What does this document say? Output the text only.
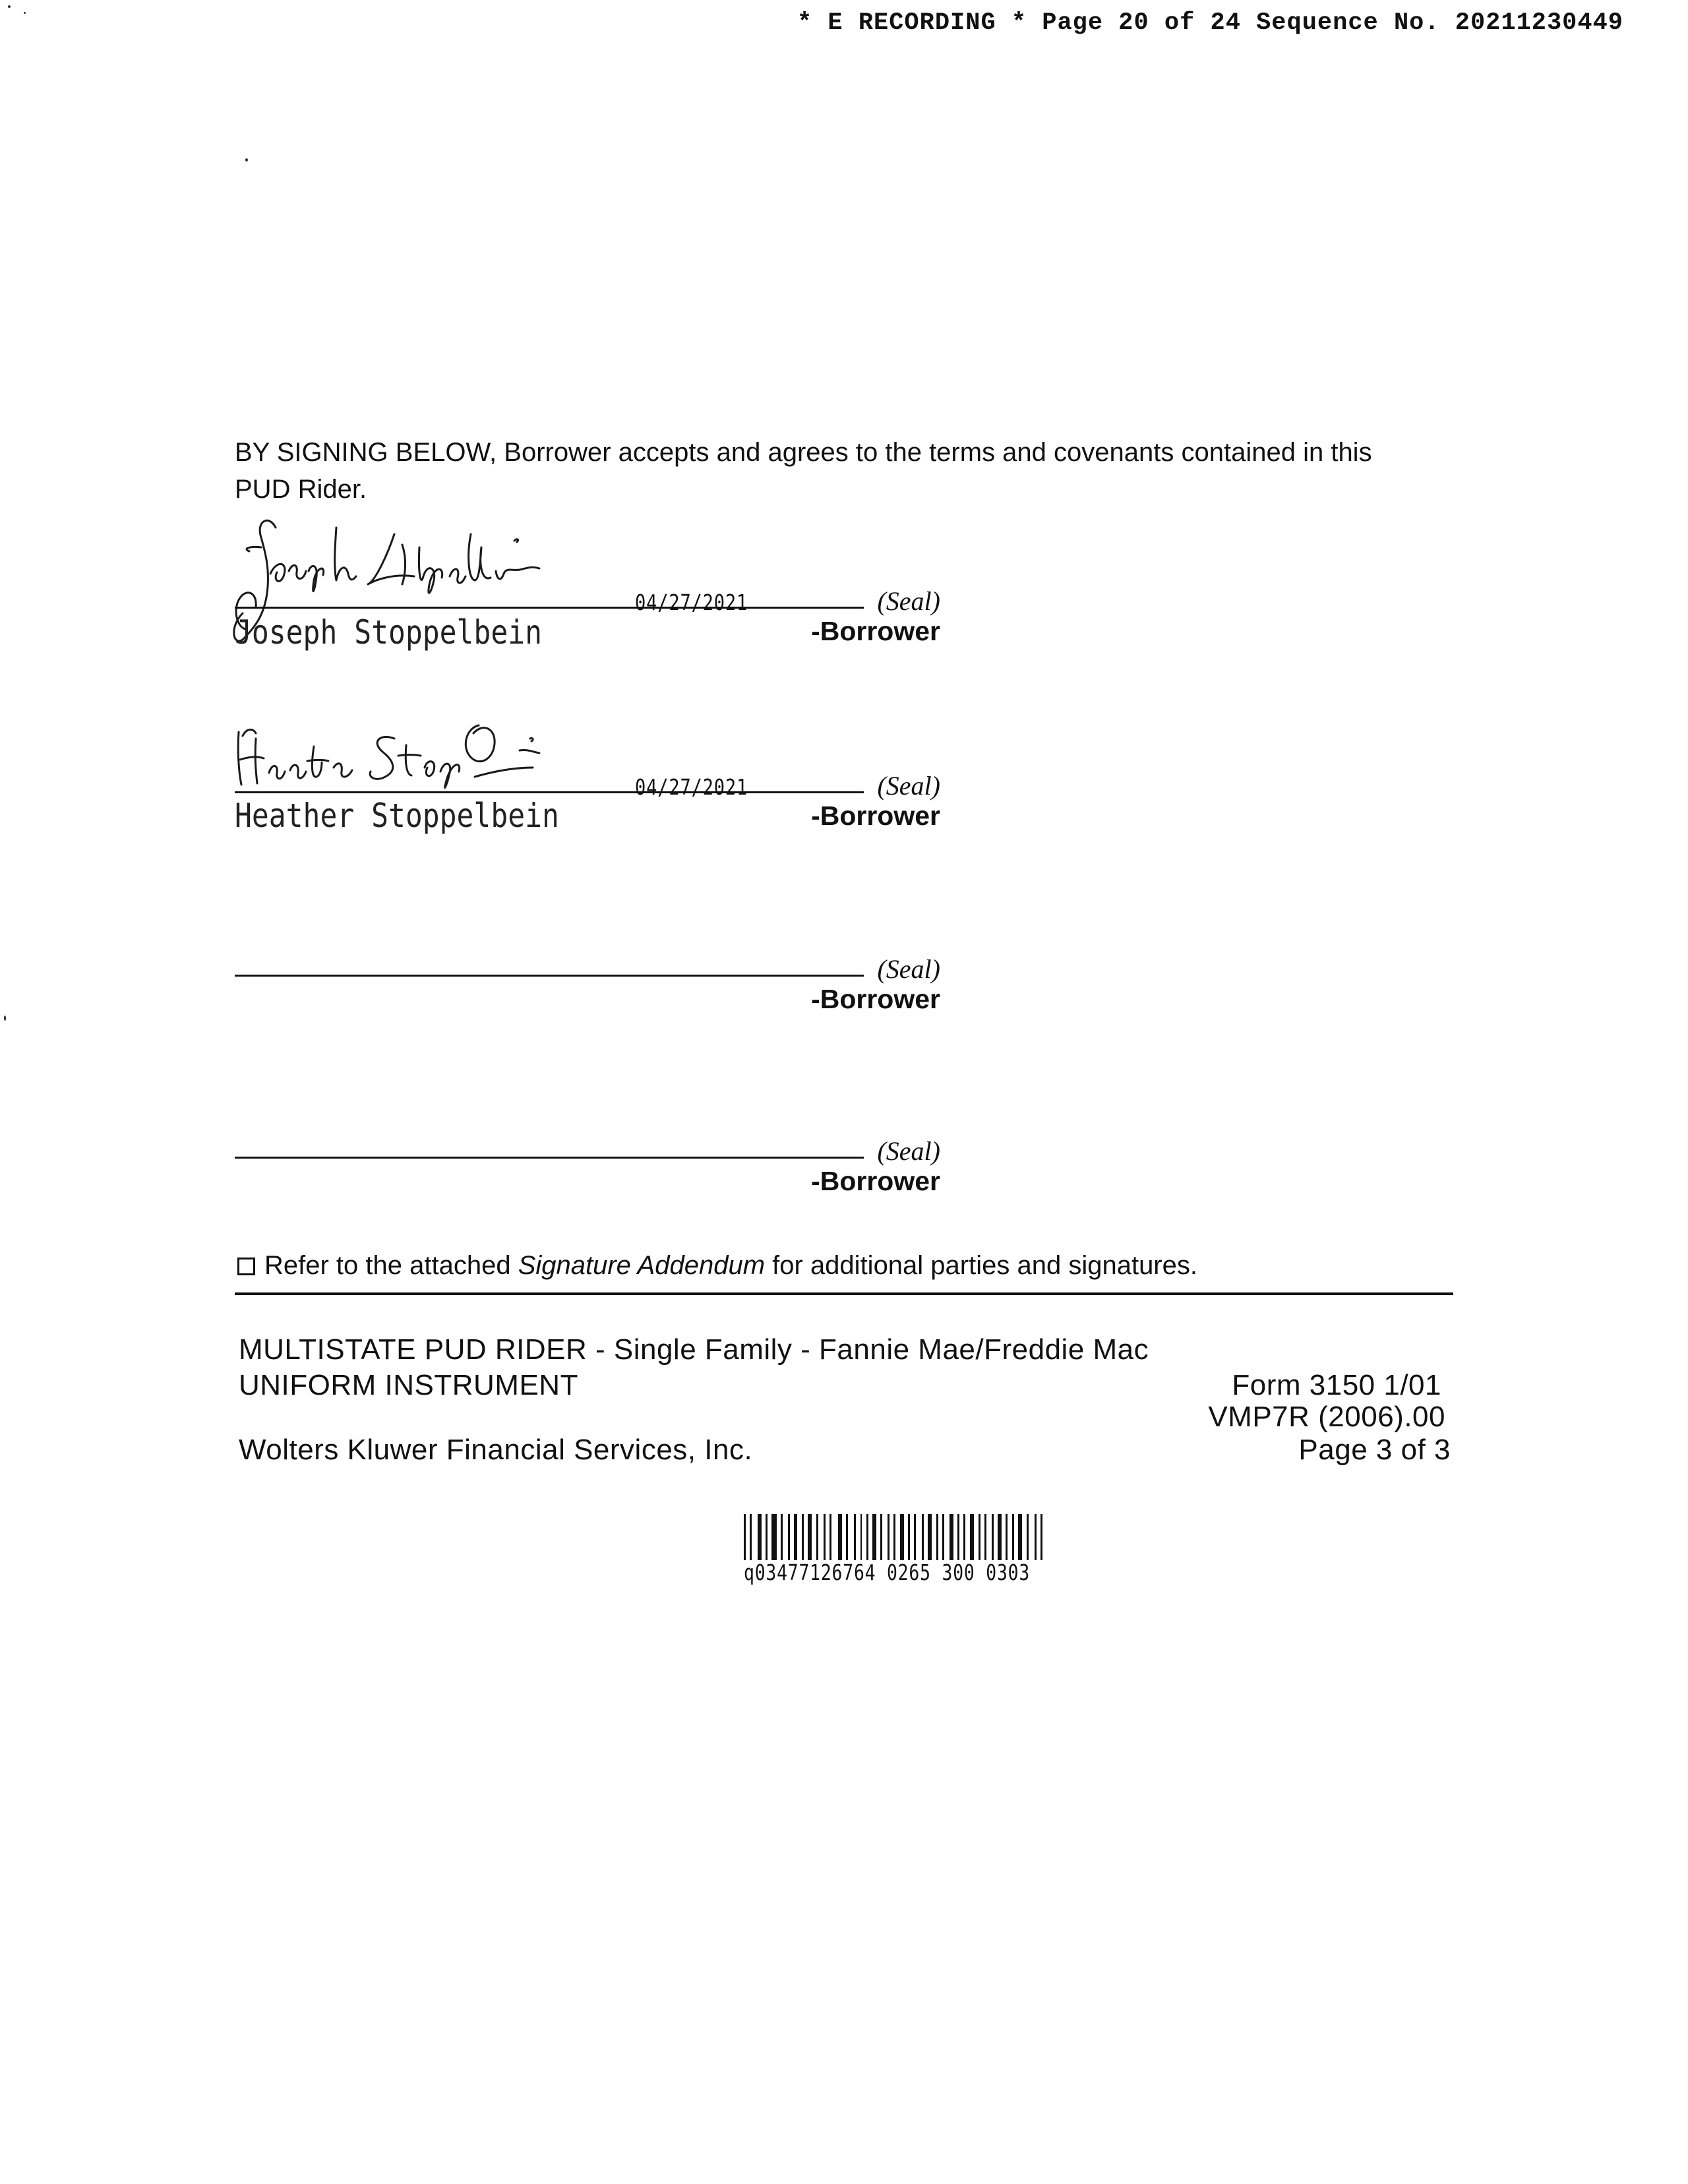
* E RECORDING * Page 20 of 24 Sequence No. 20211230449
BY SIGNING BELOW, Borrower accepts and agrees to the terms and covenants contained in this PUD Rider.
04/27/2021	(Seal)
Joseph Stoppelbein	-Borrower
04/27/2021	(Seal)
Heather Stoppelbein	-Borrower
(Seal)
-Borrower
(Seal)
-Borrower
Refer to the attached Signature Addendum for additional parties and signatures.
MULTISTATE PUD RIDER - Single Family - Fannie Mae/Freddie Mac
UNIFORM INSTRUMENT	Form 3150 1/01
VMP7R (2006).00
Wolters Kluwer Financial Services, Inc.	Page 3 of 3
q03477126764 0265 300 0303
